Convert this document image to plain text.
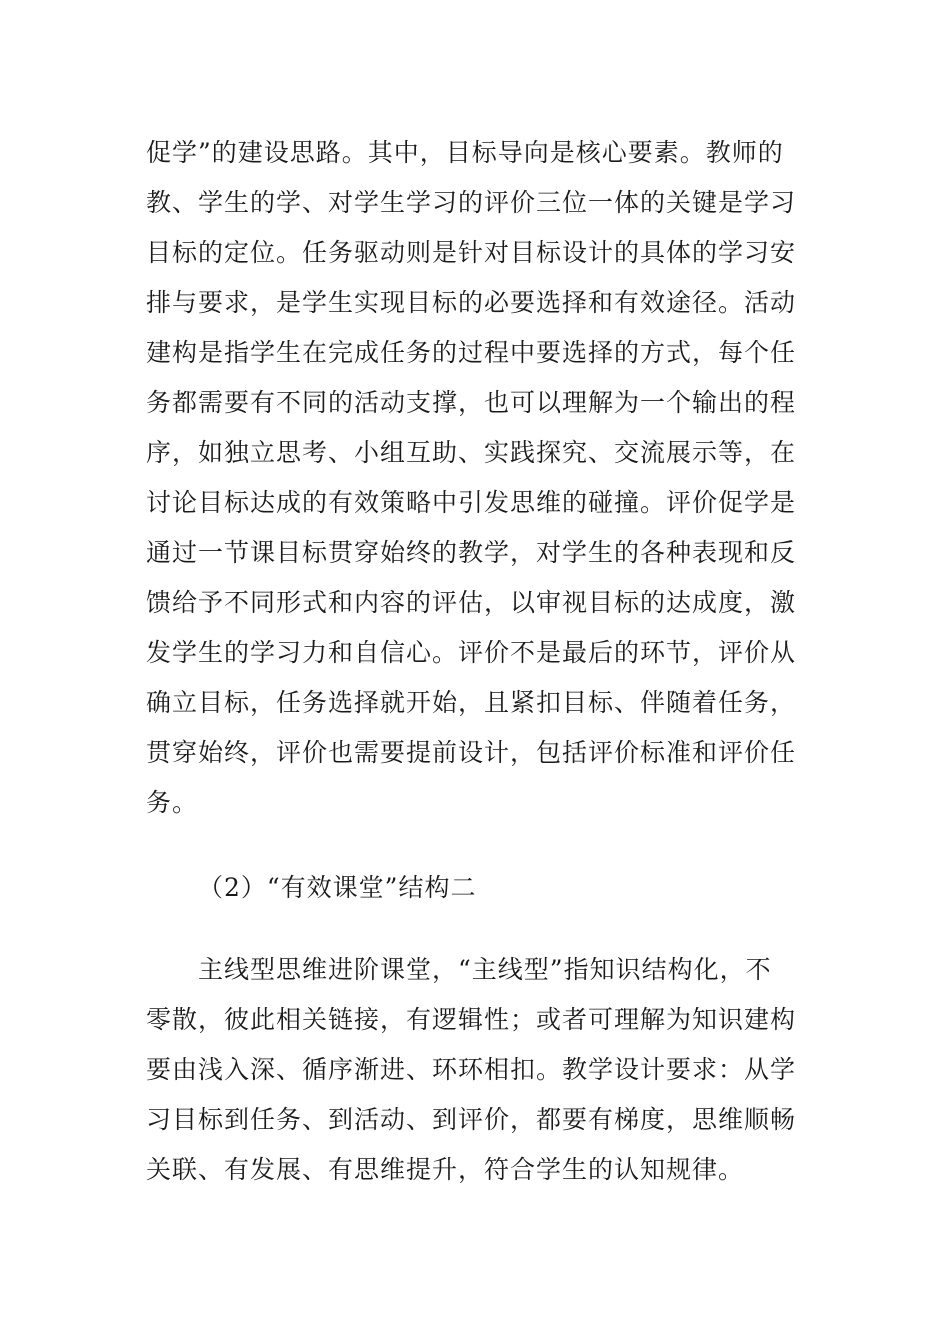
促学”的建设思路。其中，目标导向是核心要素。教师的
教、学生的学、对学生学习的评价三位一体的关键是学习
目标的定位。任务驱动则是针对目标设计的具体的学习安
排与要求，是学生实现目标的必要选择和有效途径。活动
建构是指学生在完成任务的过程中要选择的方式，每个任
务都需要有不同的活动支撑，也可以理解为一个输出的程
序，如独立思考、小组互助、实践探究、交流展示等，在
讨论目标达成的有效策略中引发思维的碰撞。评价促学是
通过一节课目标贯穿始终的教学，对学生的各种表现和反
馈给予不同形式和内容的评估，以审视目标的达成度，激
发学生的学习力和自信心。评价不是最后的环节，评价从
确立目标，任务选择就开始，且紧扣目标、伴随着任务，
贯穿始终，评价也需要提前设计，包括评价标准和评价任
务。
（2）“有效课堂”结构二
主线型思维进阶课堂，“主线型”指知识结构化，不
零散，彼此相关链接，有逻辑性；或者可理解为知识建构
要由浅入深、循序渐进、环环相扣。教学设计要求：从学
习目标到任务、到活动、到评价，都要有梯度，思维顺畅
关联、有发展、有思维提升，符合学生的认知规律。
